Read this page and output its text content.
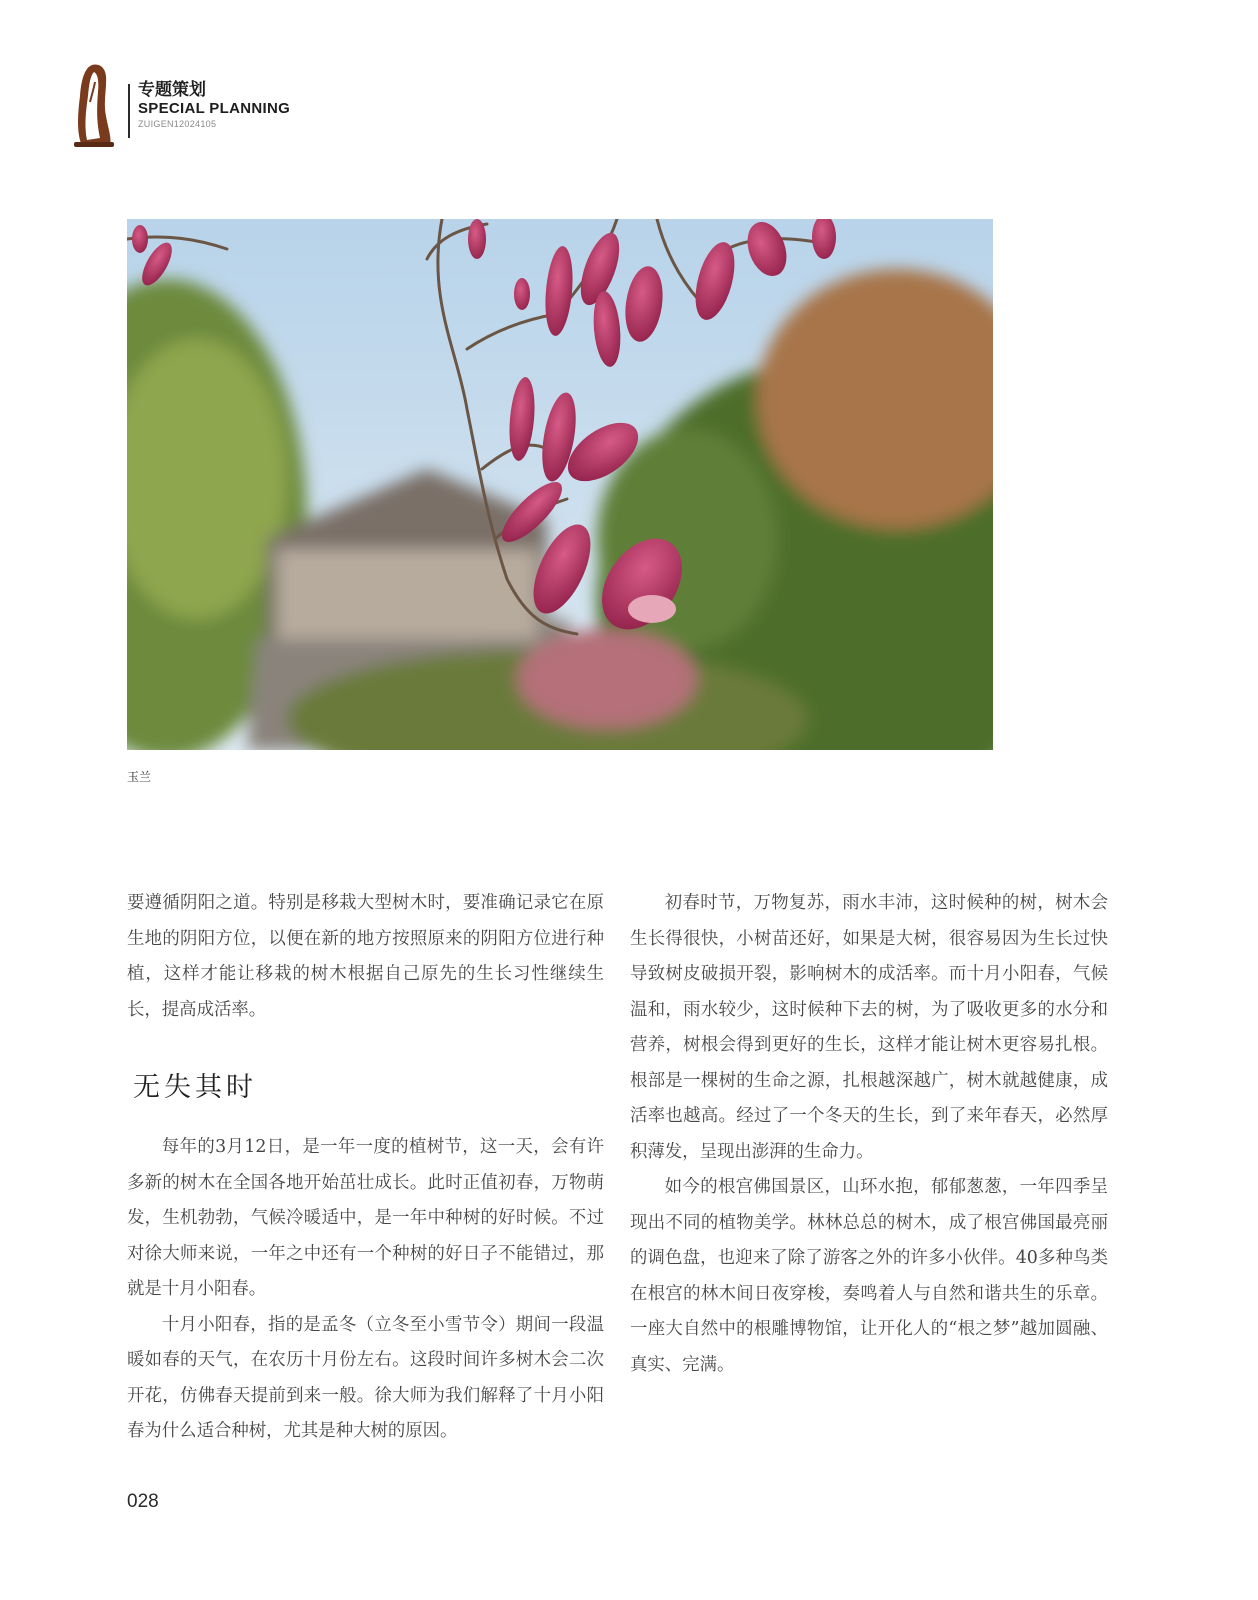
专题策划
SPECIAL PLANNING
ZUIGEN12024105
玉兰

要遵循阴阳之道。特别是移栽大型树木时，要准确记录它在原生地的阴阳方位，以便在新的地方按照原来的阴阳方位进行种植，这样才能让移栽的树木根据自己原先的生长习性继续生长，提高成活率。

无失其时

每年的3月12日，是一年一度的植树节，这一天，会有许多新的树木在全国各地开始茁壮成长。此时正值初春，万物萌发，生机勃勃，气候冷暖适中，是一年中种树的好时候。不过对徐大师来说，一年之中还有一个种树的好日子不能错过，那就是十月小阳春。

十月小阳春，指的是孟冬（立冬至小雪节令）期间一段温暖如春的天气，在农历十月份左右。这段时间许多树木会二次开花，仿佛春天提前到来一般。徐大师为我们解释了十月小阳春为什么适合种树，尤其是种大树的原因。

初春时节，万物复苏，雨水丰沛，这时候种的树，树木会生长得很快，小树苗还好，如果是大树，很容易因为生长过快导致树皮破损开裂，影响树木的成活率。而十月小阳春，气候温和，雨水较少，这时候种下去的树，为了吸收更多的水分和营养，树根会得到更好的生长，这样才能让树木更容易扎根。根部是一棵树的生命之源，扎根越深越广，树木就越健康，成活率也越高。经过了一个冬天的生长，到了来年春天，必然厚积薄发，呈现出澎湃的生命力。

如今的根宫佛国景区，山环水抱，郁郁葱葱，一年四季呈现出不同的植物美学。林林总总的树木，成了根宫佛国最亮丽的调色盘，也迎来了除了游客之外的许多小伙伴。40多种鸟类在根宫的林木间日夜穿梭，奏鸣着人与自然和谐共生的乐章。一座大自然中的根雕博物馆，让开化人的“根之梦”越加圆融、真实、完满。

028
